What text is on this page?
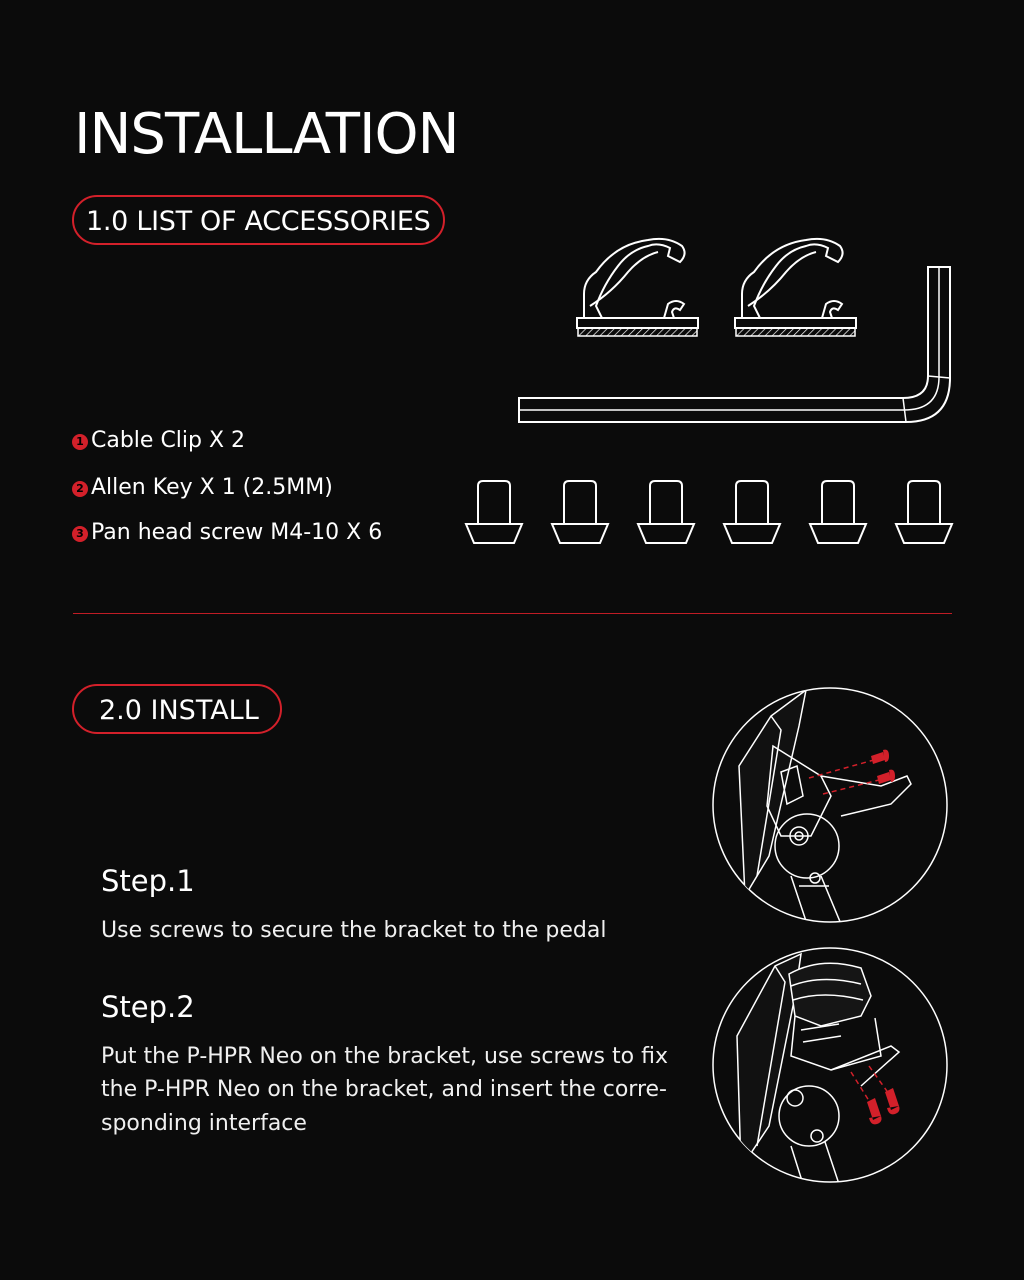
INSTALLATION
1.0 LIST OF ACCESSORIES
1 Cable Clip X 2
2 Allen Key X 1 (2.5MM)
3 Pan head screw M4-10 X 6
2.0 INSTALL
Step.1
Use screws to secure the bracket to the pedal
Step.2
Put the P-HPR Neo on the bracket, use screws to fix
the P-HPR Neo on the bracket, and insert the corre-
sponding interface
